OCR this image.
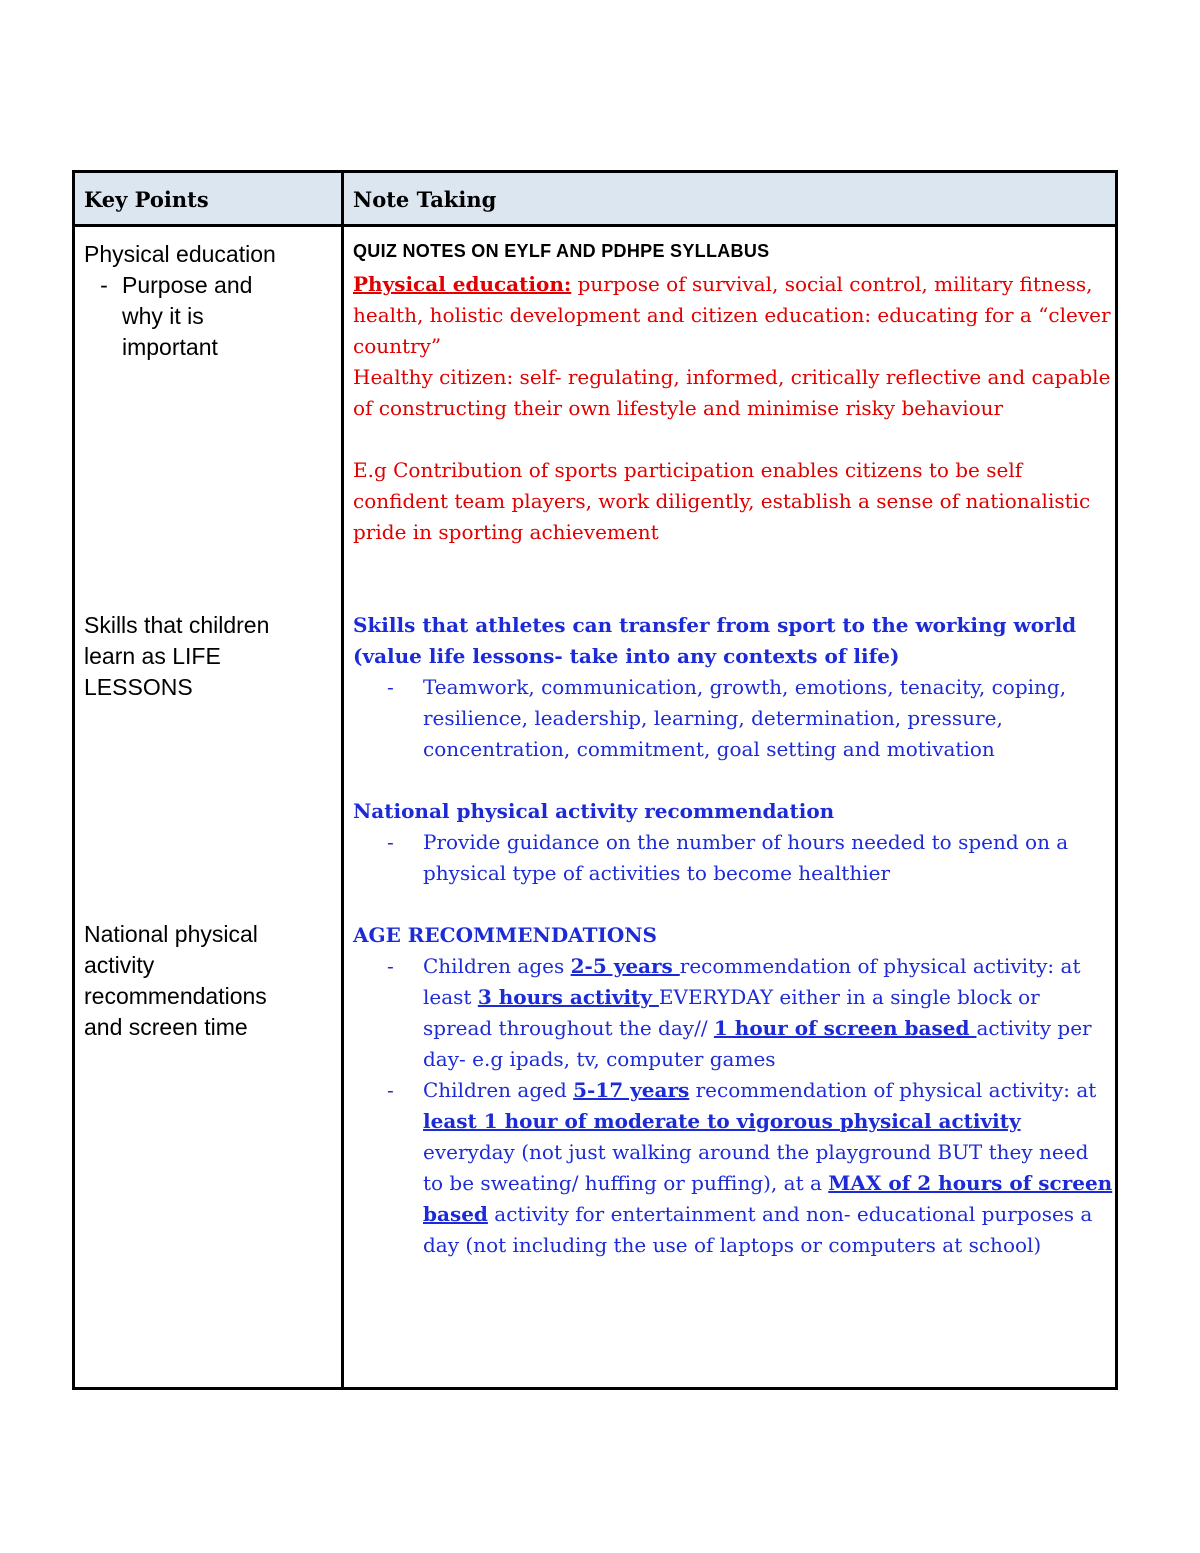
Key Points	Note Taking
Physical education
- Purpose and
why it is
important
Skills that children
learn as LIFE
LESSONS
National physical
activity
recommendations
and screen time
QUIZ NOTES ON EYLF AND PDHPE SYLLABUS

Physical education: purpose of survival, social control, military fitness, health, holistic development and citizen education: educating for a “clever country”

Healthy citizen: self- regulating, informed, critically reflective and capable of constructing their own lifestyle and minimise risky behaviour

E.g Contribution of sports participation enables citizens to be self confident team players, work diligently, establish a sense of nationalistic pride in sporting achievement

Skills that athletes can transfer from sport to the working world (value life lessons- take into any contexts of life)

- Teamwork, communication, growth, emotions, tenacity, coping, resilience, leadership, learning, determination, pressure, concentration, commitment, goal setting and motivation

National physical activity recommendation

- Provide guidance on the number of hours needed to spend on a physical type of activities to become healthier

AGE RECOMMENDATIONS

- Children ages 2-5 years recommendation of physical activity: at least 3 hours activity EVERYDAY either in a single block or spread throughout the day// 1 hour of screen based activity per day- e.g ipads, tv, computer games
- Children aged 5-17 years recommendation of physical activity: at least 1 hour of moderate to vigorous physical activity everyday (not just walking around the playground BUT they need to be sweating/ huffing or puffing), at a MAX of 2 hours of screen based activity for entertainment and non- educational purposes a day (not including the use of laptops or computers at school)
